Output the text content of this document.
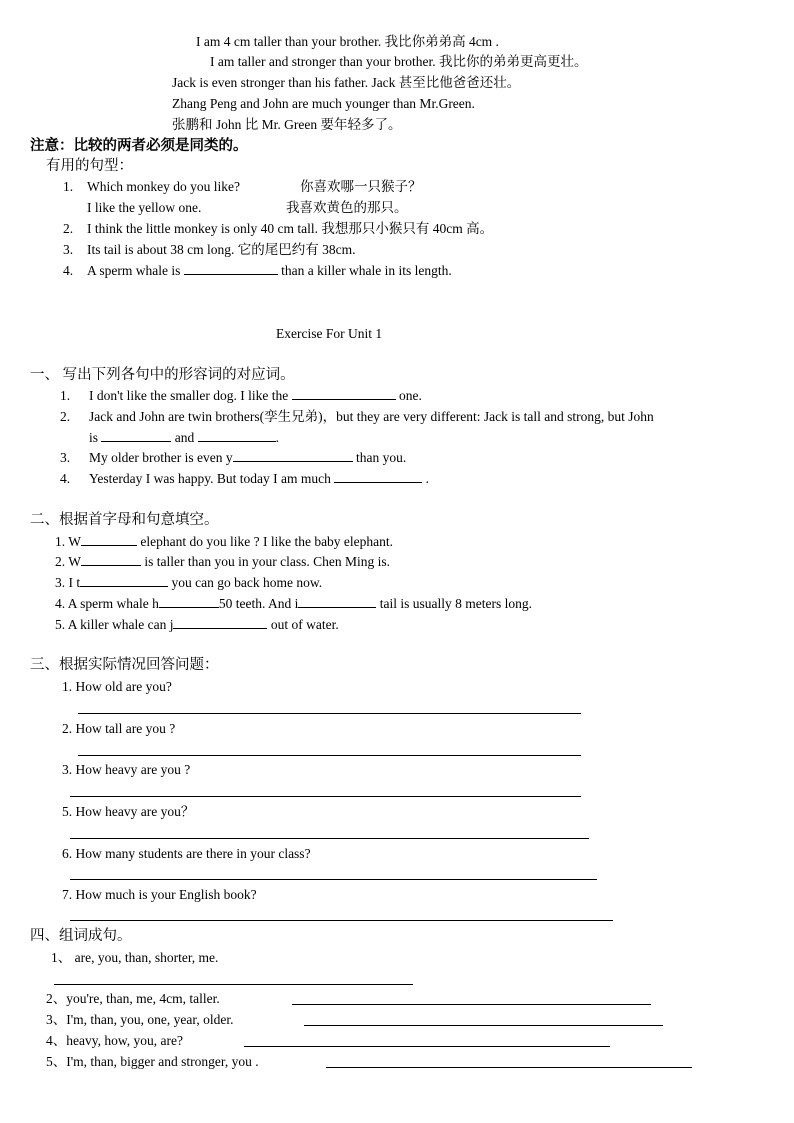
I am 4 cm taller than your brother. 我比你弟弟高 4cm .
I am taller and stronger than your brother. 我比你的弟弟更高更壮。
Jack is even stronger than his father. Jack 甚至比他爸爸还壮。
Zhang Peng and John are much younger than Mr.Green.
张鹏和 John 比 Mr. Green 要年轻多了。
注意：比较的两者必须是同类的。
有用的句型：
1. Which monkey do you like?	你喜欢哪一只猴子？
I like the yellow one.	我喜欢黄色的那只。
2. I think the little monkey is only 40 cm tall. 我想那只小猴只有 40cm 高。
3. Its tail is about 38 cm long. 它的尾巴约有 38cm.
4. A sperm whale is	than a killer whale in its length.
Exercise For Unit 1
一、 写出下列各句中的形容词的对应词。
1. I don't like the smaller dog. I like the	one.
2. Jack and John are twin brothers(孪生兄弟)，but they are very different: Jack is tall and strong, but John
is	and	.
3. My older brother is even y	than you.
4. Yesterday I was happy. But today I am much	.
二、根据首字母和句意填空。
1. W	elephant do you like ? I like the baby elephant.
2. W	is taller than you in your class. Chen Ming is.
3. I t	you can go back home now.
4. A sperm whale h	50 teeth. And i	tail is usually 8 meters long.
5. A killer whale can j	out of water.
三、根据实际情况回答问题：
1. How old are you?
2. How tall are you ?
3. How heavy are you ?
5. How heavy are you？
6. How many students are there in your class?
7. How much is your English book?
四、组词成句。
1、 are, you, than, shorter, me.
2、you're, than, me, 4cm, taller.
3、I'm, than, you, one, year, older.
4、heavy, how, you, are?
5、I'm, than, bigger and stronger, you .
